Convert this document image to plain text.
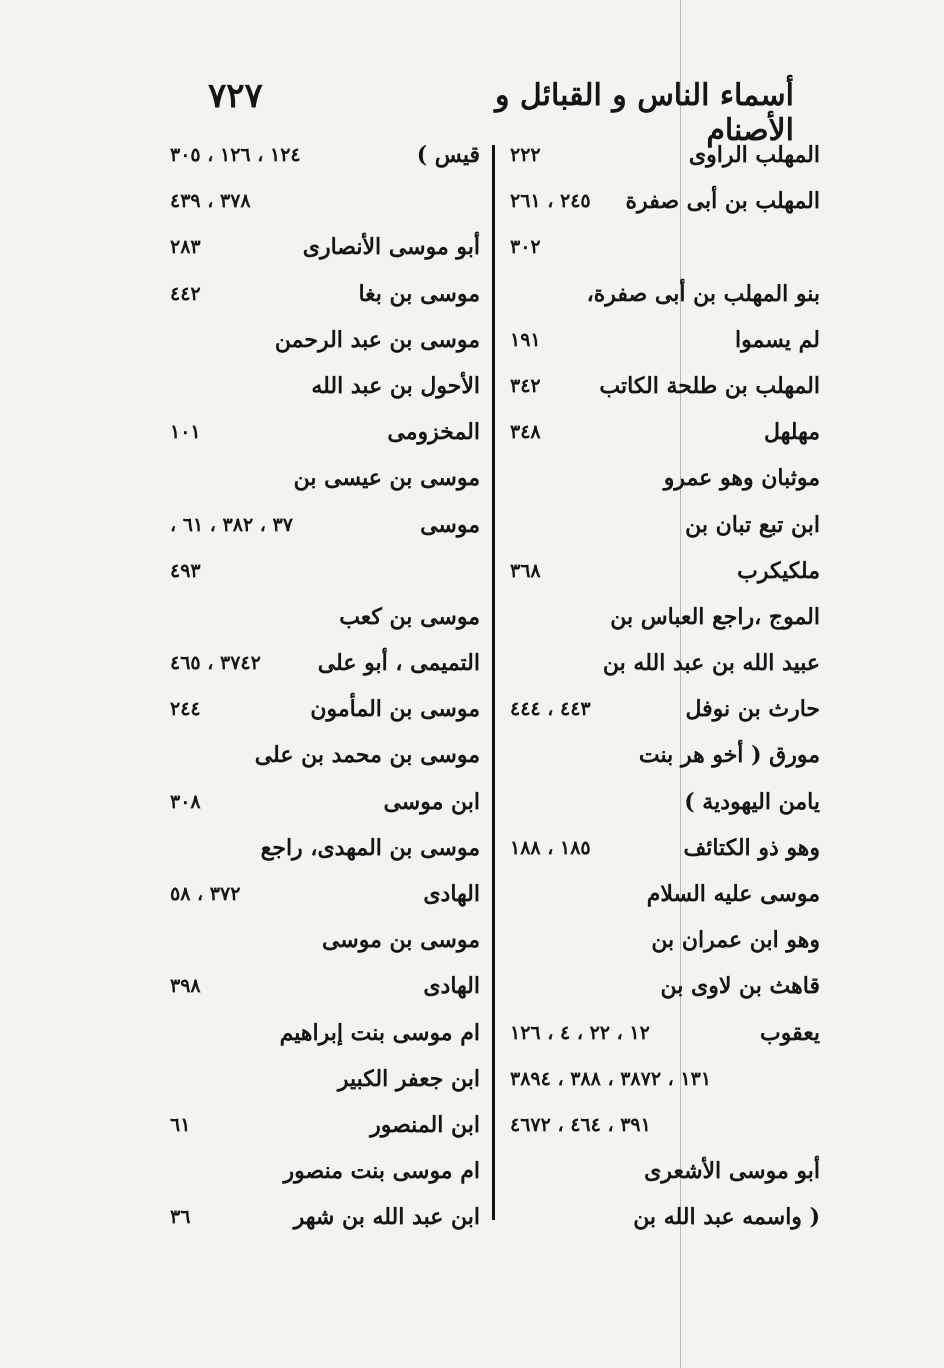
أسماء الناس و القبائل و الأصنام
٧٢٧
المهلب الراوى
٢٢٢
المهلب بن أبى صفرة
٢٤٥ ، ٢٦١
٣٠٢
بنو المهلب بن أبى صفرة،
لم يسموا
١٩١
المهلب بن طلحة الكاتب
٣٤٢
مهلهل
٣٤٨
موثبان وهو عمرو
ابن تبع تبان بن
ملكيكرب
٣٦٨
الموج ،راجع العباس بن
عبيد الله بن عبد الله بن
حارث بن نوفل
٤٤٣ ، ٤٤٤
مورق ( أخو هر بنت
يامن اليهودية )
وهو ذو الكتائف
١٨٥ ، ١٨٨
موسى عليه السلام
وهو ابن عمران بن
قاهث بن لاوى بن
يعقوب
١٢ ، ٢٢ ، ٤ ، ١٢٦
١٣١ ، ٣٨٧٢ ، ٣٨٨ ، ٣٨٩٤
٣٩١ ، ٤٦٤ ، ٤٦٧٢
أبو موسى الأشعرى
( واسمه عبد الله بن
قيس )
١٢٤ ، ١٢٦ ، ٣٠٥
٣٧٨ ، ٤٣٩
أبو موسى الأنصارى
٢٨٣
موسى بن بغا
٤٤٢
موسى بن عبد الرحمن
الأحول بن عبد الله
المخزومى
١٠١
موسى بن عيسى بن
موسى
٣٧ ، ٣٨٢ ، ٦١ ،
٤٩٣
موسى بن كعب
التميمى ، أبو على
٣٧٤٢ ، ٤٦٥
موسى بن المأمون
٢٤٤
موسى بن محمد بن على
ابن موسى
٣٠٨
موسى بن المهدى، راجع
الهادى
٣٧٢ ، ٥٨
موسى بن موسى
الهادى
٣٩٨
ام موسى بنت إبراهيم
ابن جعفر الكبير
ابن المنصور
٦١
ام موسى بنت منصور
ابن عبد الله بن شهر
٣٦
